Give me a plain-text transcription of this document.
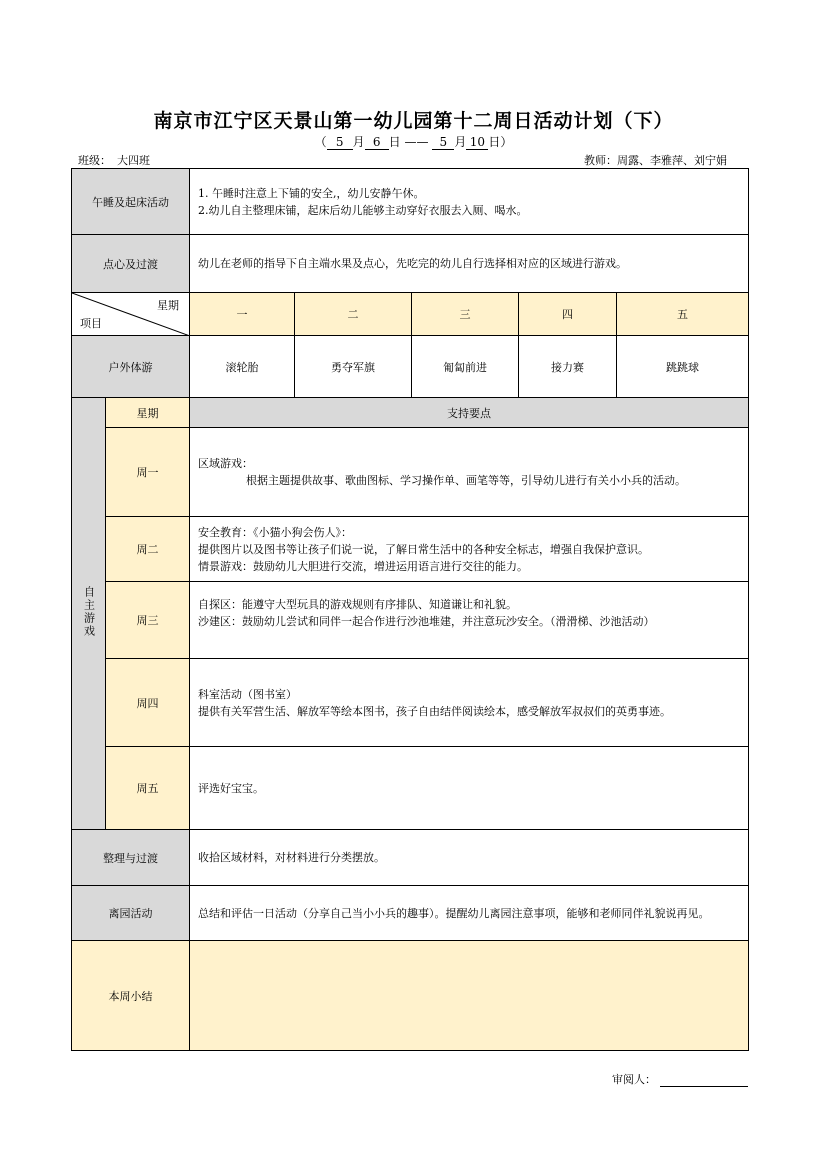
南京市江宁区天景山第一幼儿园第十二周日活动计划（下）
（ 5 月 6 日 —— 5 月 10 日）
班级： 大四班	教师：周露、李雅萍、刘宁娟
午睡及起床活动		1. 午睡时注意上下铺的安全,，幼儿安静午休。
2.幼儿自主整理床铺，起床后幼儿能够主动穿好衣服去入厕、喝水。				

点心及过渡		幼儿在老师的指导下自主端水果及点心，先吃完的幼儿自行选择相对应的区域进行游戏。				

星期
项目		一	二	三	四	五
户外体游		滚轮胎	勇夺军旗	匍匐前进	接力赛	跳跳球
自主游戏	星期	支持要点				
	周一	区域游戏：
根据主题提供故事、歌曲图标、学习操作单、画笔等等，引导幼儿进行有关小小兵的活动。				

	周二	安全教育：《小猫小狗会伤人》：
提供图片以及图书等让孩子们说一说，了解日常生活中的各种安全标志，增强自我保护意识。
情景游戏：鼓励幼儿大胆进行交流，增进运用语言进行交往的能力。				

	周三	自探区：能遵守大型玩具的游戏规则有序排队、知道谦让和礼貌。
沙建区：鼓励幼儿尝试和同伴一起合作进行沙池堆建，并注意玩沙安全。（滑滑梯、沙池活动）				

	周四	科室活动（图书室）
提供有关军营生活、解放军等绘本图书，孩子自由结伴阅读绘本，感受解放军叔叔们的英勇事迹。				

	周五	评选好宝宝。				

整理与过渡		收拾区域材料，对材料进行分类摆放。				
离园活动		总结和评估一日活动（分享自己当小小兵的趣事）。提醒幼儿离园注意事项，能够和老师同伴礼貌说再见。				
本周小结						
审阅人：
